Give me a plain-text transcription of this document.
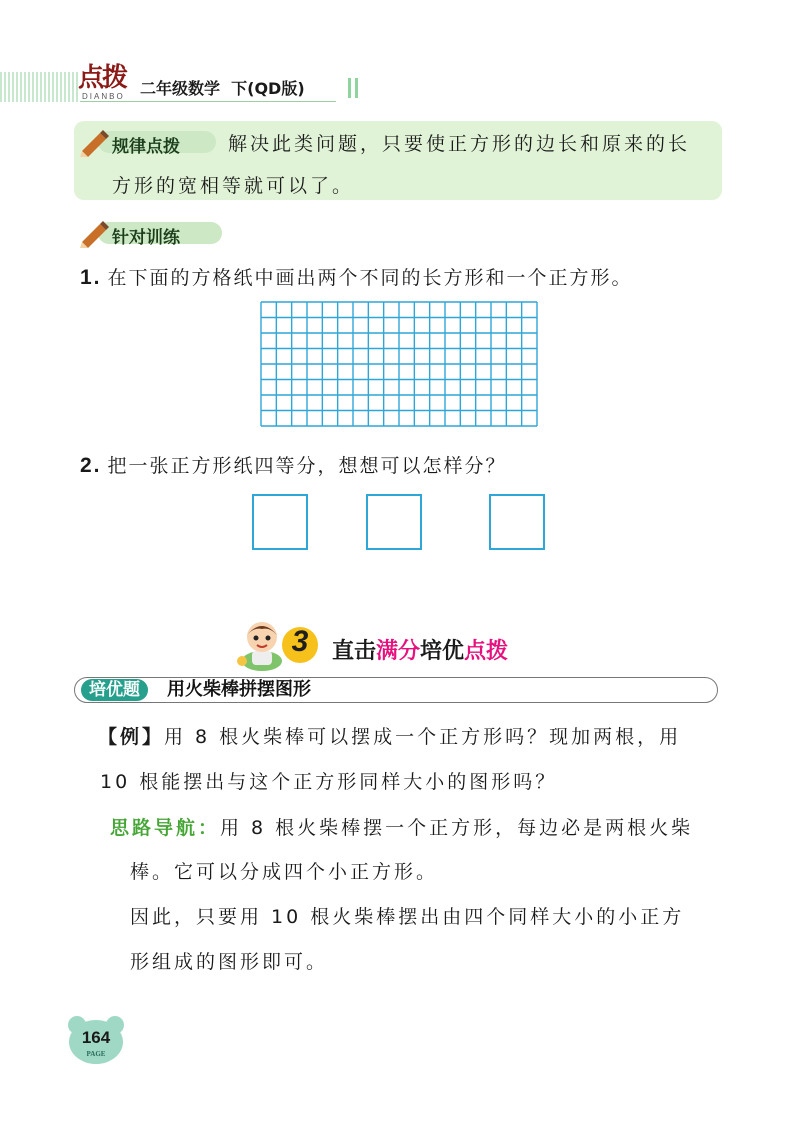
点拨
DIANBO 二年级数学  下(QD版)
规律点拨	解决此类问题，只要使正方形的边长和原来的长
方形的宽相等就可以了。
针对训练
1. 在下面的方格纸中画出两个不同的长方形和一个正方形。
2. 把一张正方形纸四等分，想想可以怎样分？
3	直击满分培优点拨
培优题	用火柴棒拼摆图形
【例】用 8 根火柴棒可以摆成一个正方形吗？现加两根，用
10 根能摆出与这个正方形同样大小的图形吗？
思路导航：用 8 根火柴棒摆一个正方形，每边必是两根火柴
棒。它可以分成四个小正方形。
因此，只要用 10 根火柴棒摆出由四个同样大小的小正方
形组成的图形即可。
164
PAGE
